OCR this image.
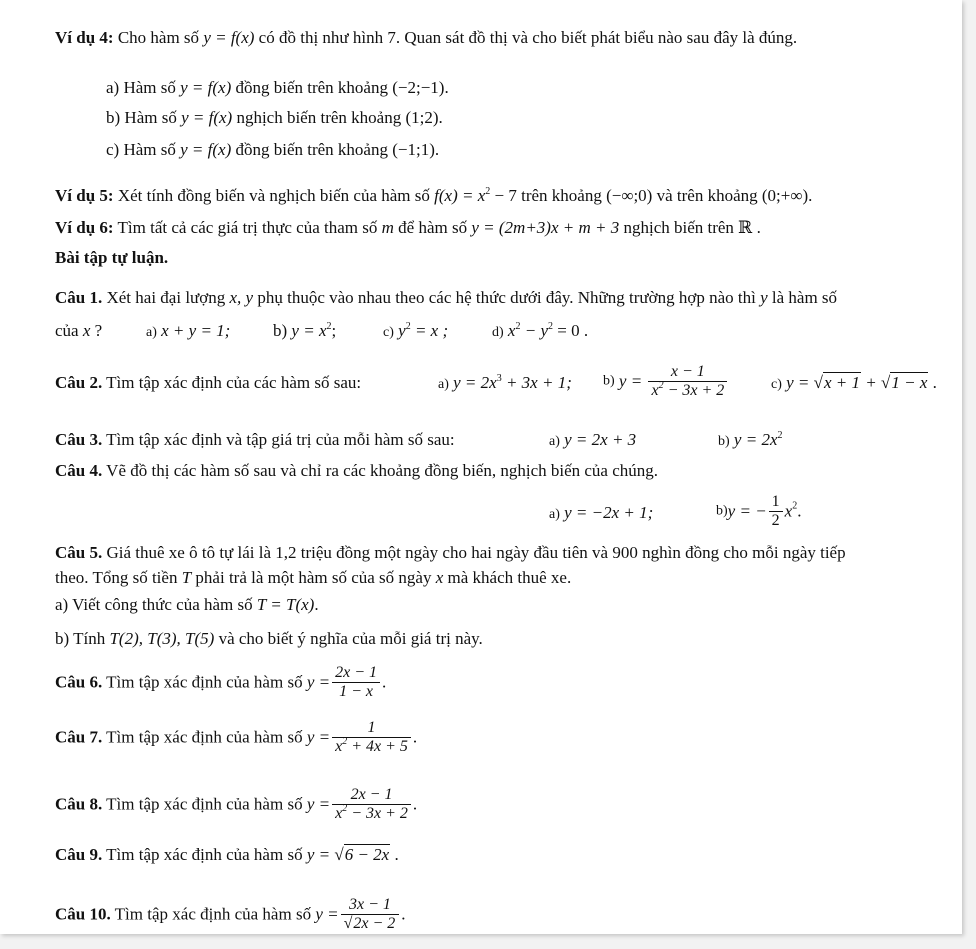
Ví dụ 4: Cho hàm số y = f(x) có đồ thị như hình 7. Quan sát đồ thị và cho biết phát biểu nào sau đây là đúng.
a) Hàm số y = f(x) đồng biến trên khoảng (−2;−1).
b) Hàm số y = f(x) nghịch biến trên khoảng (1;2).
c) Hàm số y = f(x) đồng biến trên khoảng (−1;1).
Ví dụ 5: Xét tính đồng biến và nghịch biến của hàm số $f(x) = x^2 - 7$ trên khoảng (−∞;0) và trên khoảng (0;+∞).
Ví dụ 6: Tìm tất cả các giá trị thực của tham số m để hàm số y = (2m+3)x + m + 3 nghịch biến trên ℝ .
Bài tập tự luận.
Câu 1. Xét hai đại lượng x, y phụ thuộc vào nhau theo các hệ thức dưới đây. Những trường hợp nào thì y là hàm số
của x ?	a) x + y = 1;	b) $y = x^2$;	c) $y^2 = x$ ;	d) $x^2 - y^2 = 0$ .
Câu 2. Tìm tập xác định của các hàm số sau:	a) $y = 2x^3 + 3x + 1$; b) $y = \frac{x - 1}{x^2 - 3x + 2}$	c) y = √x + 1 + √1 − x .
Câu 3. Tìm tập xác định và tập giá trị của mỗi hàm số sau:	a) y = 2x + 3	b) $y = 2x^2$
Câu 4. Vẽ đồ thị các hàm số sau và chỉ ra các khoảng đồng biến, nghịch biến của chúng.
a) y = −2x + 1;	b)y = − $\frac{1}{2} x^2$.
Câu 5. Giá thuê xe ô tô tự lái là 1,2 triệu đồng một ngày cho hai ngày đầu tiên và 900 nghìn đồng cho mỗi ngày tiếp
theo. Tổng số tiền T phải trả là một hàm số của số ngày x mà khách thuê xe.
a) Viết công thức của hàm số T = T(x).
b) Tính T(2), T(3), T(5) và cho biết ý nghĩa của mỗi giá trị này.
Câu 6. Tìm tập xác định của hàm số $y = \frac{2x - 1}{1 - x}$ .
Câu 7. Tìm tập xác định của hàm số $y = \frac{1}{x^2 + 4x + 5}$ .
Câu 8. Tìm tập xác định của hàm số $y = \frac{2x - 1}{x^2 - 3x + 2}$ .
Câu 9. Tìm tập xác định của hàm số y = √6 − 2x .
Câu 10. Tìm tập xác định của hàm số $y = \frac{3x - 1}{√2x - 2}$ .
